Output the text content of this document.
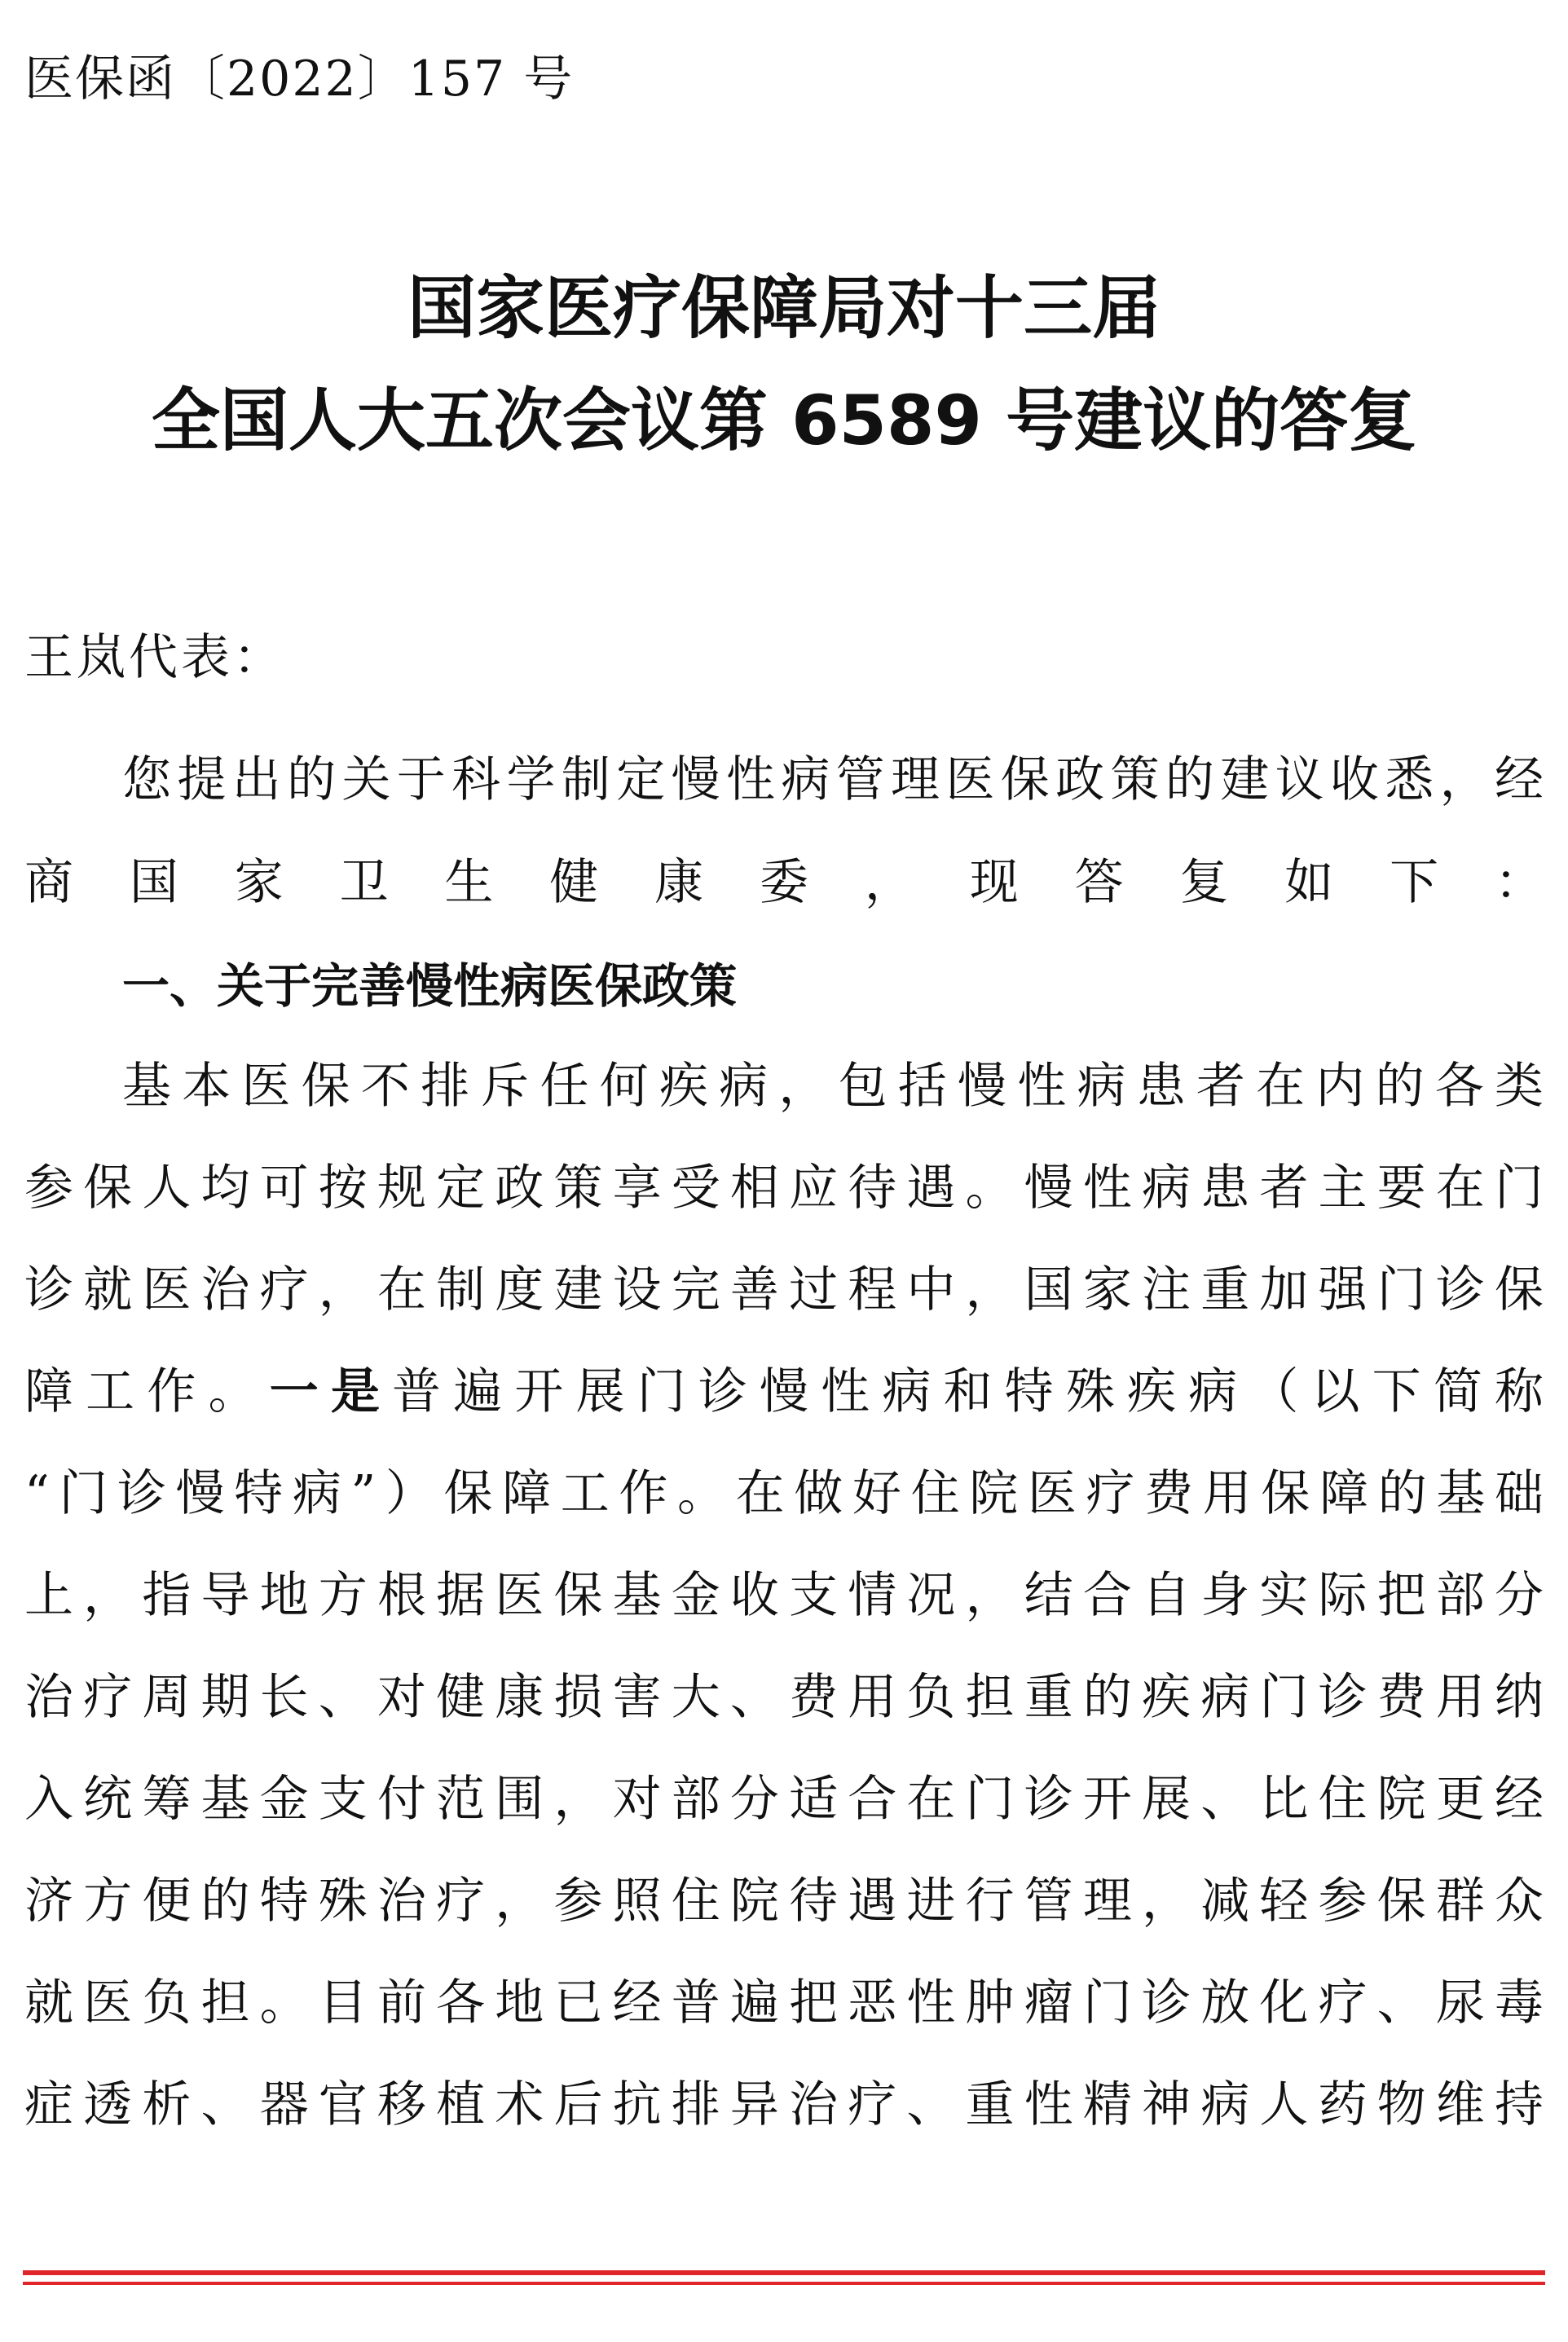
医保函〔2022〕157 号
国家医疗保障局对十三届
全国人大五次会议第 6589 号建议的答复
王岚代表：
您提出的关于科学制定慢性病管理医保政策的建议收悉，经
商国家卫生健康委，现答复如下：
一、关于完善慢性病医保政策
基本医保不排斥任何疾病，包括慢性病患者在内的各类
参保人均可按规定政策享受相应待遇。慢性病患者主要在门
诊就医治疗，在制度建设完善过程中，国家注重加强门诊保
障工作。一是普遍开展门诊慢性病和特殊疾病（以下简称
“门诊慢特病”）保障工作。在做好住院医疗费用保障的基础
上，指导地方根据医保基金收支情况，结合自身实际把部分
治疗周期长、对健康损害大、费用负担重的疾病门诊费用纳
入统筹基金支付范围，对部分适合在门诊开展、比住院更经
济方便的特殊治疗，参照住院待遇进行管理，减轻参保群众
就医负担。目前各地已经普遍把恶性肿瘤门诊放化疗、尿毒
症透析、器官移植术后抗排异治疗、重性精神病人药物维持
